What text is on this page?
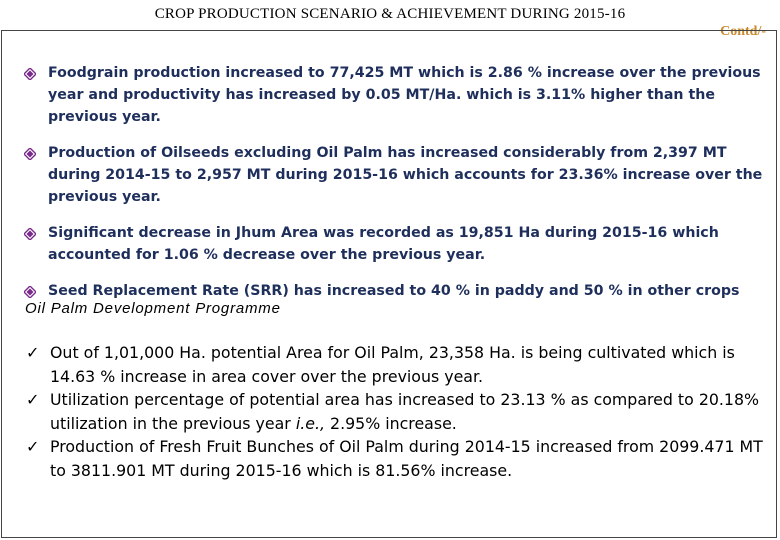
CROP PRODUCTION SCENARIO & ACHIEVEMENT DURING 2015-16
Contd/-
Foodgrain production increased to 77,425 MT which is 2.86 % increase over the previous year and productivity has increased by 0.05 MT/Ha. which is 3.11% higher than the previous year.
Production of Oilseeds excluding Oil Palm has increased considerably from 2,397 MT during 2014-15 to 2,957 MT during 2015-16 which accounts for 23.36% increase over the previous year.
Significant decrease in Jhum Area was recorded as 19,851 Ha during 2015-16 which accounted for 1.06 % decrease over the previous year.
Seed Replacement Rate (SRR) has increased to 40 % in paddy and 50 % in other crops
Oil Palm Development Programme
✓ Out of 1,01,000 Ha. potential Area for Oil Palm, 23,358 Ha. is being cultivated which is 14.63 % increase in area cover over the previous year.
✓ Utilization percentage of potential area has increased to 23.13 % as compared to 20.18% utilization in the previous year i.e., 2.95% increase.
✓ Production of Fresh Fruit Bunches of Oil Palm during 2014-15 increased from 2099.471 MT to 3811.901 MT during 2015-16 which is 81.56% increase.
